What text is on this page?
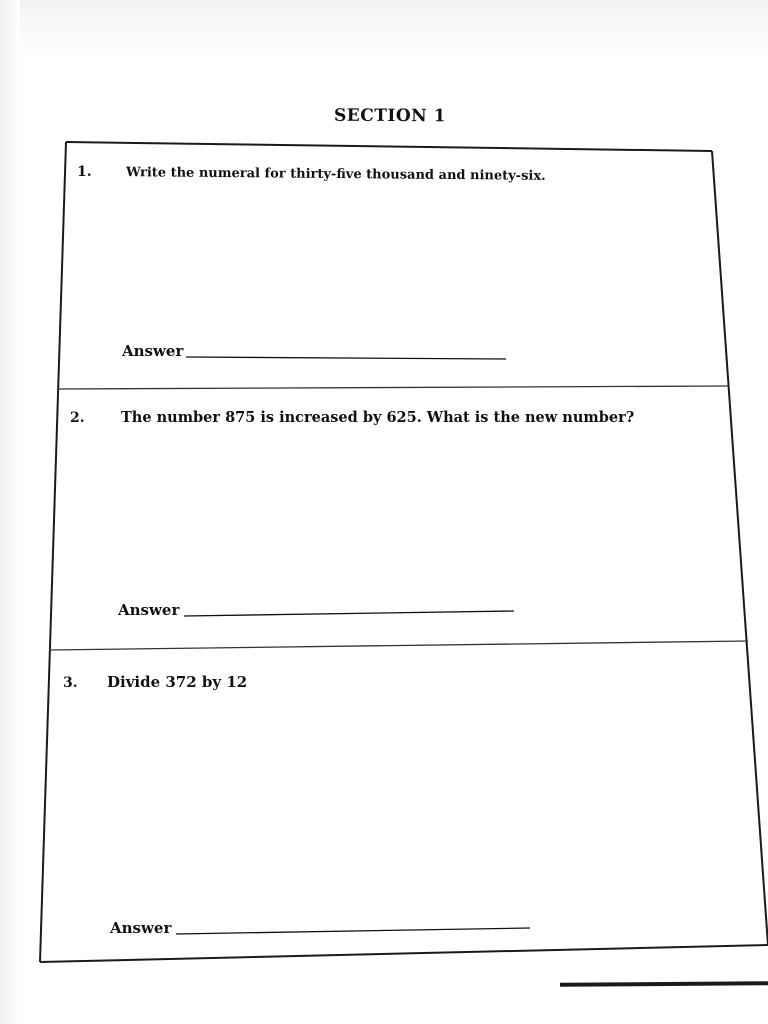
SECTION 1
1.	Write the numeral for thirty-five thousand and ninety-six.
Answer
2.	The number 875 is increased by 625. What is the new number?
Answer
3. Divide 372 by 12
Answer
